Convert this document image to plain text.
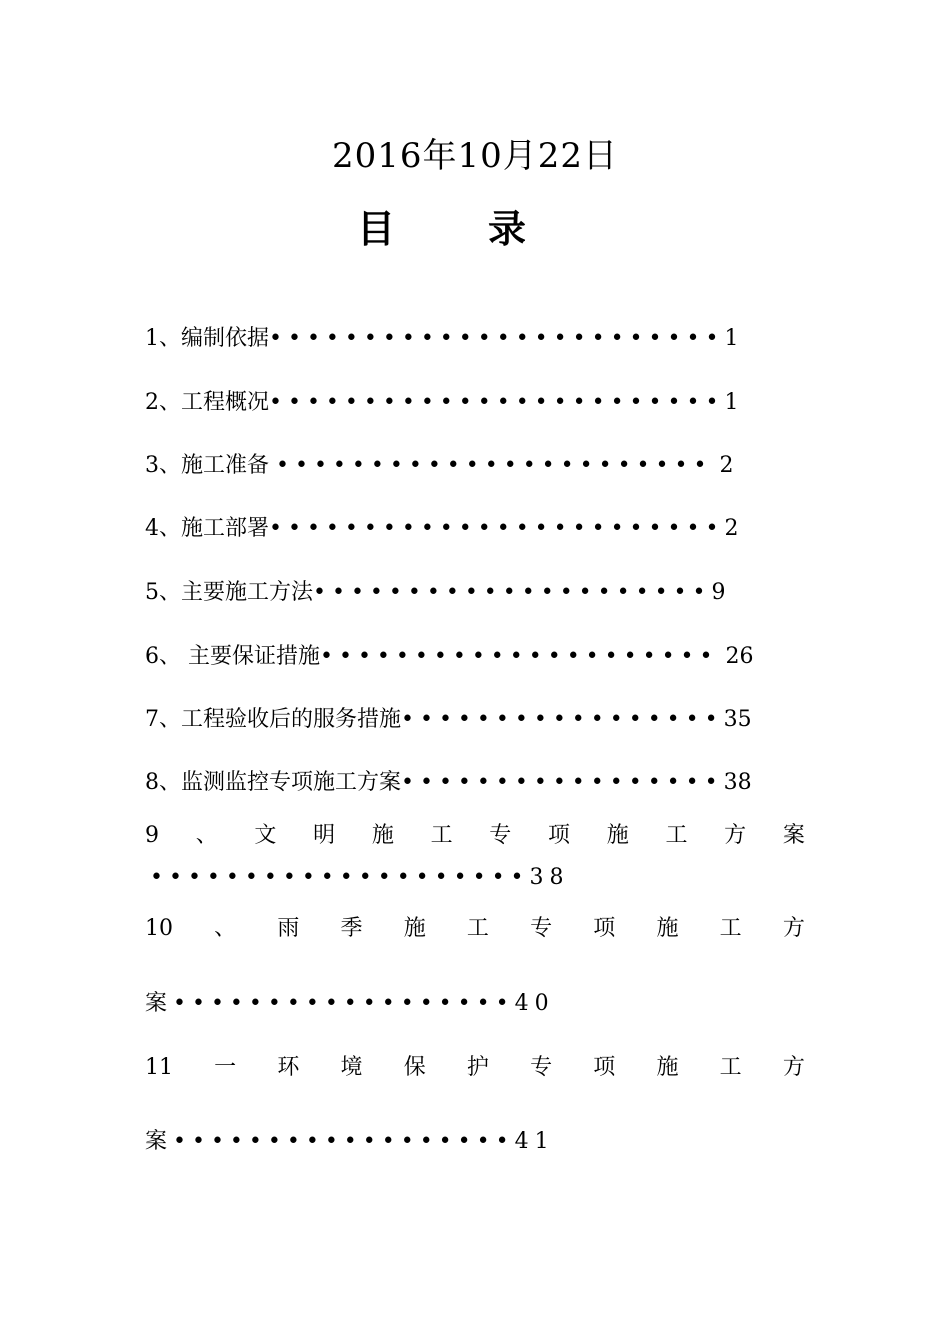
2016年10月22日
目 录
1、编制依据••••••••••••••••••••••••1
2、工程概况••••••••••••••••••••••••1
3、施工准备 ••••••••••••••••••••••• 2
4、施工部署••••••••••••••••••••••••2
5、主要施工方法•••••••••••••••••••••9
6、 主要保证措施••••••••••••••••••••• 26
7、工程验收后的服务措施•••••••••••••••••35
8、监测监控专项施工方案•••••••••••••••••38
9 、 文 明 施 工 专 项 施 工 方 案
••••••••••••••••••••38
10 、 雨 季 施 工 专 项 施 工 方
案••••••••••••••••••40
11 一 环 境 保 护 专 项 施 工 方
案••••••••••••••••••41
